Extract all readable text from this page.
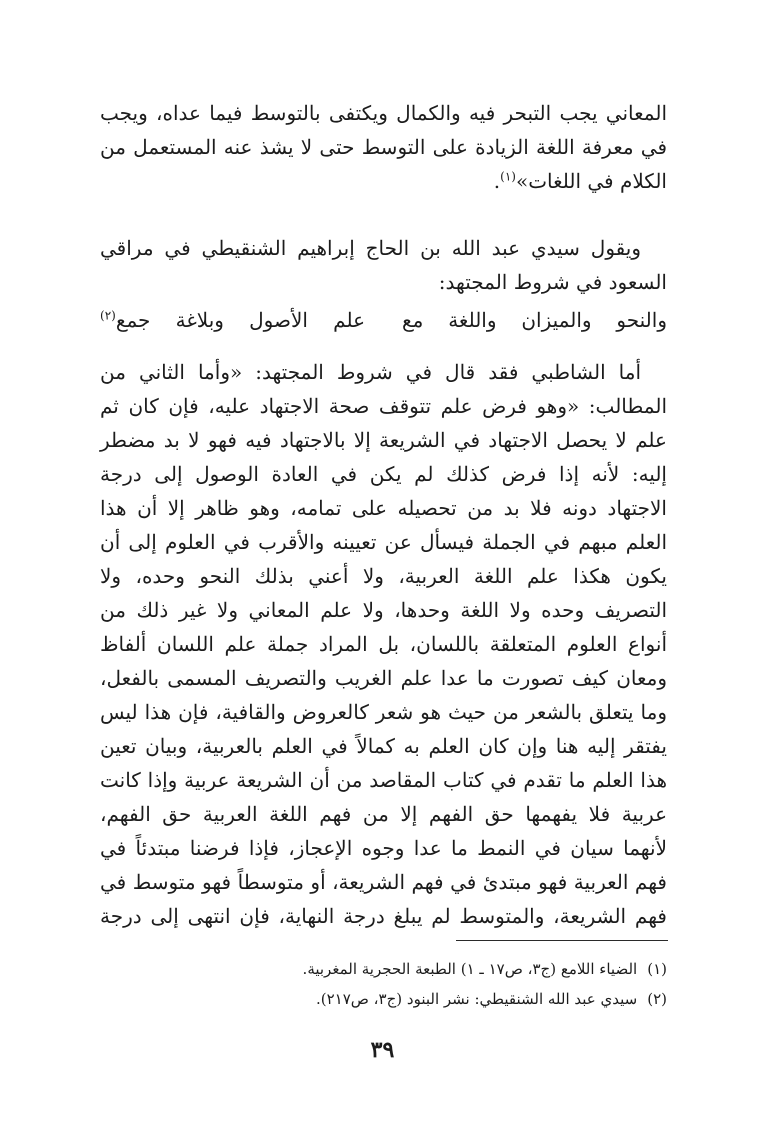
المعاني يجب التبحر فيه والكمال ويكتفى بالتوسط فيما عداه، ويجب
في معرفة اللغة الزيادة على التوسط حتى لا يشذ عنه المستعمل من
الكلام في اللغات»$^{(١)}$.
ويقول سيدي عبد الله بن الحاج إبراهيم الشنقيطي في مراقي
السعود في شروط المجتهد:
والنحو والميزان واللغة مع
علم الأصول وبلاغة جمع$^{(٢)}$
أما الشاطبي فقد قال في شروط المجتهد: «وأما الثاني من
المطالب: «وهو فرض علم تتوقف صحة الاجتهاد عليه، فإن كان ثم
علم لا يحصل الاجتهاد في الشريعة إلا بالاجتهاد فيه فهو لا بد مضطر
إليه: لأنه إذا فرض كذلك لم يكن في العادة الوصول إلى درجة
الاجتهاد دونه فلا بد من تحصيله على تمامه، وهو ظاهر إلا أن هذا
العلم مبهم في الجملة فيسأل عن تعيينه والأقرب في العلوم إلى أن
يكون هكذا علم اللغة العربية، ولا أعني بذلك النحو وحده، ولا
التصريف وحده ولا اللغة وحدها، ولا علم المعاني ولا غير ذلك من
أنواع العلوم المتعلقة باللسان، بل المراد جملة علم اللسان ألفاظ
ومعان كيف تصورت ما عدا علم الغريب والتصريف المسمى بالفعل،
وما يتعلق بالشعر من حيث هو شعر كالعروض والقافية، فإن هذا ليس
يفتقر إليه هنا وإن كان العلم به كمالاً في العلم بالعربية، وبيان تعين
هذا العلم ما تقدم في كتاب المقاصد من أن الشريعة عربية وإذا كانت
عربية فلا يفهمها حق الفهم إلا من فهم اللغة العربية حق الفهم،
لأنهما سيان في النمط ما عدا وجوه الإعجاز، فإذا فرضنا مبتدئاً في
فهم العربية فهو مبتدئ في فهم الشريعة، أو متوسطاً فهو متوسط في
فهم الشريعة، والمتوسط لم يبلغ درجة النهاية، فإن انتهى إلى درجة
(١)الضياء اللامع (ج٣، ص١٧ ـ ١) الطبعة الحجرية المغربية.
(٢)سيدي عبد الله الشنقيطي: نشر البنود (ج٣، ص٢١٧).
٣٩
